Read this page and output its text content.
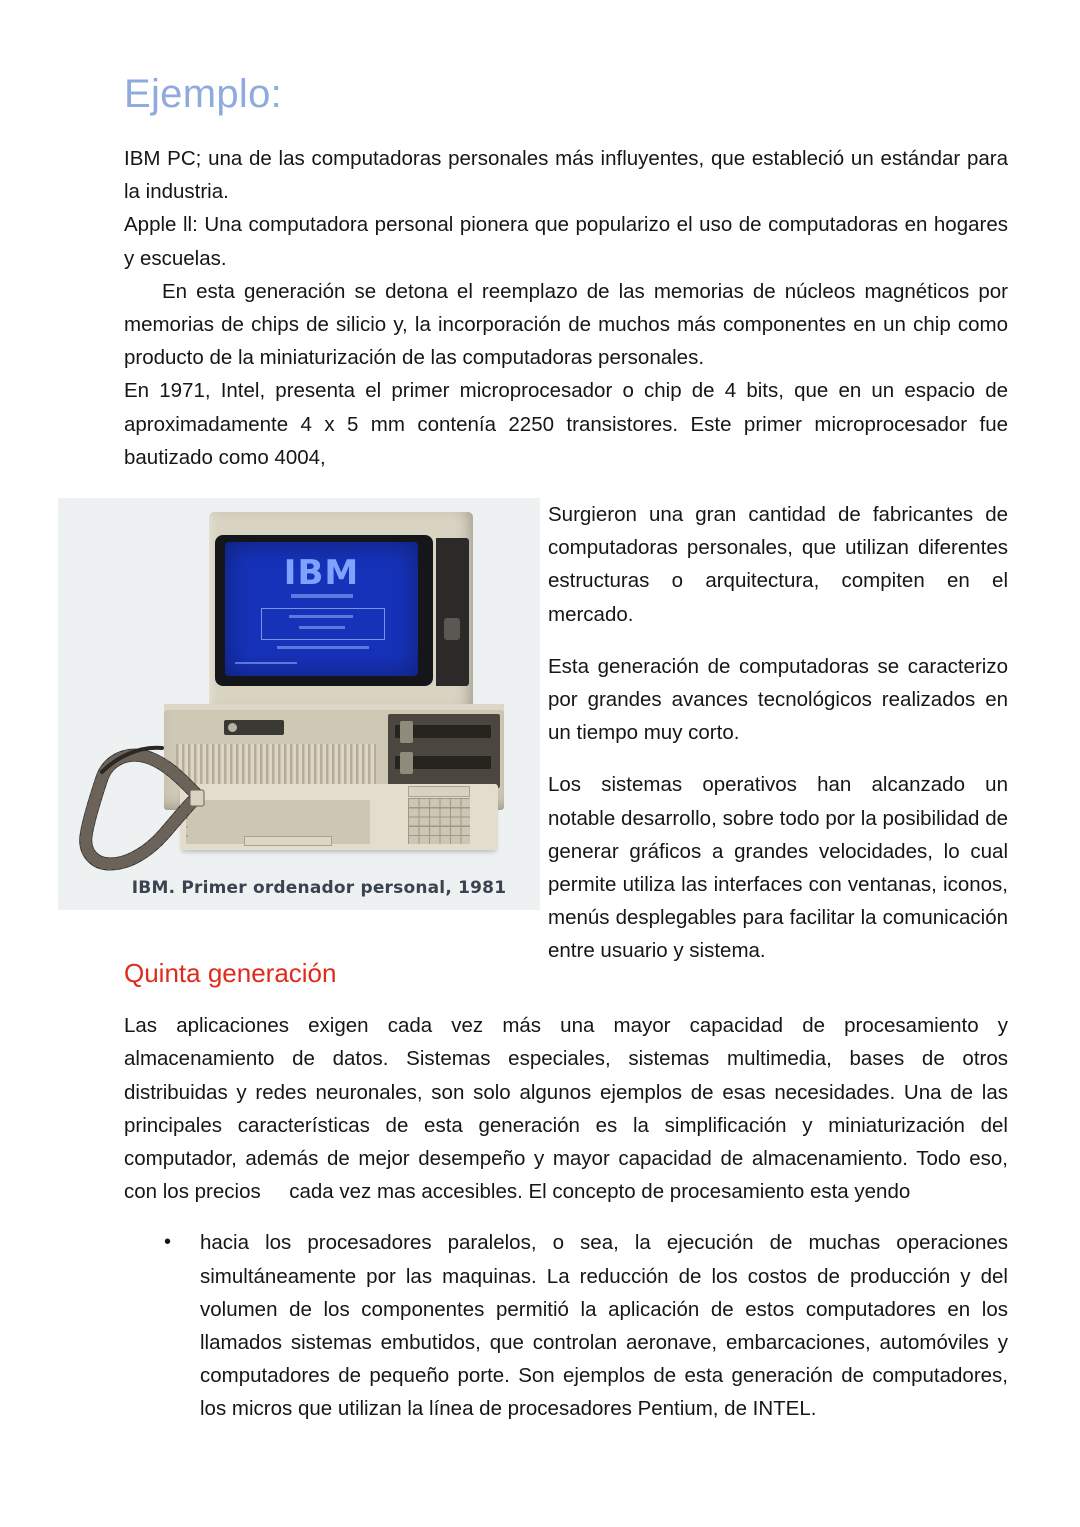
Ejemplo:

IBM PC; una de las computadoras personales más influyentes, que estableció un estándar para la industria.

Apple ll: Una computadora personal pionera que popularizo el uso de computadoras en hogares y escuelas.

En esta generación se detona el reemplazo de las memorias de núcleos magnéticos por memorias de chips de silicio y, la incorporación de muchos más componentes en un chip como producto de la miniaturización de las computadoras personales.

En 1971, Intel, presenta el primer microprocesador o chip de 4 bits, que en un espacio de aproximadamente 4 x 5 mm contenía 2250 transistores. Este primer microprocesador fue bautizado como 4004,

IBM
IBM. Primer ordenador personal, 1981

Surgieron una gran cantidad de fabricantes de computadoras personales, que utilizan diferentes estructuras o arquitectura, compiten en el mercado.

Esta generación de computadoras se caracterizo por grandes avances tecnológicos realizados en un tiempo muy corto.

Los sistemas operativos han alcanzado un notable desarrollo, sobre todo por la posibilidad de generar gráficos a grandes velocidades, lo cual permite utiliza las interfaces con ventanas, iconos, menús desplegables para facilitar la comunicación entre usuario y sistema.

Quinta generación

Las aplicaciones exigen cada vez más una mayor capacidad de procesamiento y almacenamiento de datos. Sistemas especiales, sistemas multimedia, bases de otros distribuidas y redes neuronales, son solo algunos ejemplos de esas necesidades. Una de las principales características de esta generación es la simplificación y miniaturización del computador, además de mejor desempeño y mayor capacidad de almacenamiento. Todo eso, con los precios     cada vez mas accesibles. El concepto de procesamiento esta yendo

• hacia los procesadores paralelos, o sea, la ejecución de muchas operaciones simultáneamente por las maquinas. La reducción de los costos de producción y del volumen de los componentes permitió la aplicación de estos computadores en los llamados sistemas embutidos, que controlan aeronave, embarcaciones, automóviles y computadores de pequeño porte. Son ejemplos de esta generación de computadores, los micros que utilizan la línea de procesadores Pentium, de INTEL.
